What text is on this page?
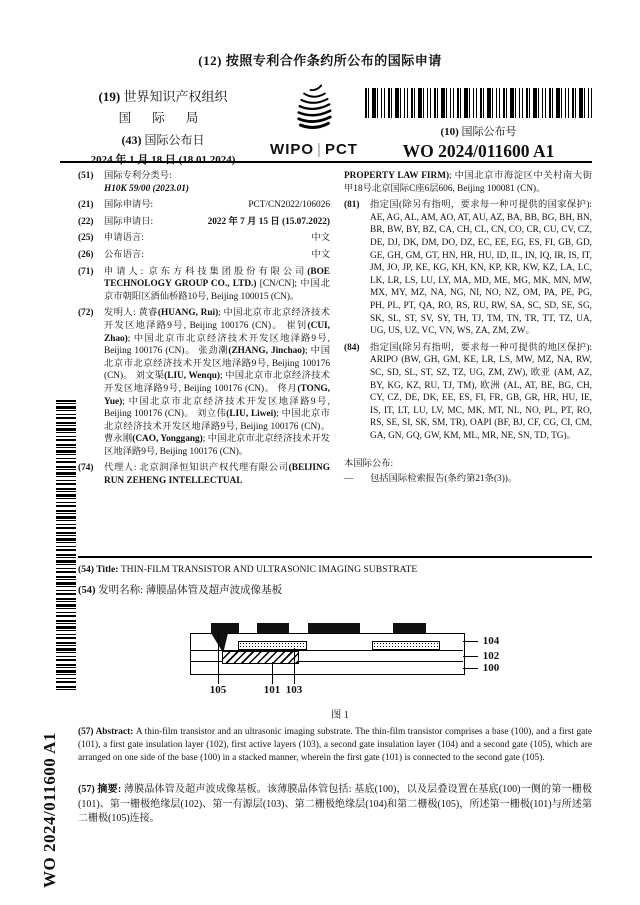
(12) 按照专利合作条约所公布的国际申请
(19) 世界知识产权组织
国 际 局
(43) 国际公布日
2024 年 1 月 18 日 (18.01.2024)
WIPO | PCT
(10) 国际公布号
WO 2024/011600 A1
(51)	国际专利分类号:
H10K 59/00 (2023.01)
(21)	国际申请号:	PCT/CN2022/106026
(22)	国际申请日:	2022 年 7 月 15 日 (15.07.2022)
(25)	申请语言:	中文
(26)	公布语言:	中文
(71)	申请人: 京东方科技集团股份有限公司(BOE TECHNOLOGY GROUP CO., LTD.) [CN/CN]; 中国北京市朝阳区酒仙桥路10号, Beijing 100015 (CN)。
(72)	发明人: 黄睿(HUANG, Rui); 中国北京市北京经济技术开发区地泽路9号, Beijing 100176 (CN)。 崔钊(CUI, Zhao); 中国北京市北京经济技术开发区地泽路9号, Beijing 100176 (CN)。 张劲潮(ZHANG, Jinchao); 中国北京市北京经济技术开发区地泽路9号, Beijing 100176 (CN)。 刘文渠(LIU, Wenqu); 中国北京市北京经济技术开发区地泽路9号, Beijing 100176 (CN)。 佟月(TONG, Yue); 中国北京市北京经济技术开发区地泽路9号, Beijing 100176 (CN)。 刘立伟(LIU, Liwei); 中国北京市北京经济技术开发区地泽路9号, Beijing 100176 (CN)。 曹永刚(CAO, Yonggang); 中国北京市北京经济技术开发区地泽路9号, Beijing 100176 (CN)。
(74)	代理人: 北京润泽恒知识产权代理有限公司(BEIJING RUN ZEHENG INTELLECTUAL
PROPERTY LAW FIRM); 中国北京市海淀区中关村南大街甲18号北京国际C座6层606, Beijing 100081 (CN)。
(81)	指定国(除另有指明，要求每一种可提供的国家保护): AE, AG, AL, AM, AO, AT, AU, AZ, BA, BB, BG, BH, BN, BR, BW, BY, BZ, CA, CH, CL, CN, CO, CR, CU, CV, CZ, DE, DJ, DK, DM, DO, DZ, EC, EE, EG, ES, FI, GB, GD, GE, GH, GM, GT, HN, HR, HU, ID, IL, IN, IQ, IR, IS, IT, JM, JO, JP, KE, KG, KH, KN, KP, KR, KW, KZ, LA, LC, LK, LR, LS, LU, LY, MA, MD, ME, MG, MK, MN, MW, MX, MY, MZ, NA, NG, NI, NO, NZ, OM, PA, PE, PG, PH, PL, PT, QA, RO, RS, RU, RW, SA, SC, SD, SE, SG, SK, SL, ST, SV, SY, TH, TJ, TM, TN, TR, TT, TZ, UA, UG, US, UZ, VC, VN, WS, ZA, ZM, ZW。
(84)	指定国(除另有指明，要求每一种可提供的地区保护): ARIPO (BW, GH, GM, KE, LR, LS, MW, MZ, NA, RW, SC, SD, SL, ST, SZ, TZ, UG, ZM, ZW), 欧亚 (AM, AZ, BY, KG, KZ, RU, TJ, TM), 欧洲 (AL, AT, BE, BG, CH, CY, CZ, DE, DK, EE, ES, FI, FR, GB, GR, HR, HU, IE, IS, IT, LT, LU, LV, MC, MK, MT, NL, NO, PL, PT, RO, RS, SE, SI, SK, SM, TR), OAPI (BF, BJ, CF, CG, CI, CM, GA, GN, GQ, GW, KM, ML, MR, NE, SN, TD, TG)。
本国际公布:
—	包括国际检索报告(条约第21条(3))。
(54) Title: THIN-FILM TRANSISTOR AND ULTRASONIC IMAGING SUBSTRATE
(54) 发明名称: 薄膜晶体管及超声波成像基板
104
102
100
105	101 103
图 1
(57) Abstract: A thin-film transistor and an ultrasonic imaging substrate. The thin-film transistor comprises a base (100), and a first gate (101), a first gate insulation layer (102), first active layers (103), a second gate insulation layer (104) and a second gate (105), which are arranged on one side of the base (100) in a stacked manner, wherein the first gate (101) is connected to the second gate (105).
(57) 摘要: 薄膜晶体管及超声波成像基板。该薄膜晶体管包括: 基底(100)，以及层叠设置在基底(100)一侧的第一栅极(101)、第一栅极绝缘层(102)、第一有源层(103)、第二栅极绝缘层(104)和第二栅极(105)，所述第一栅极(101)与所述第二栅极(105)连接。
WO 2024/011600 A1
